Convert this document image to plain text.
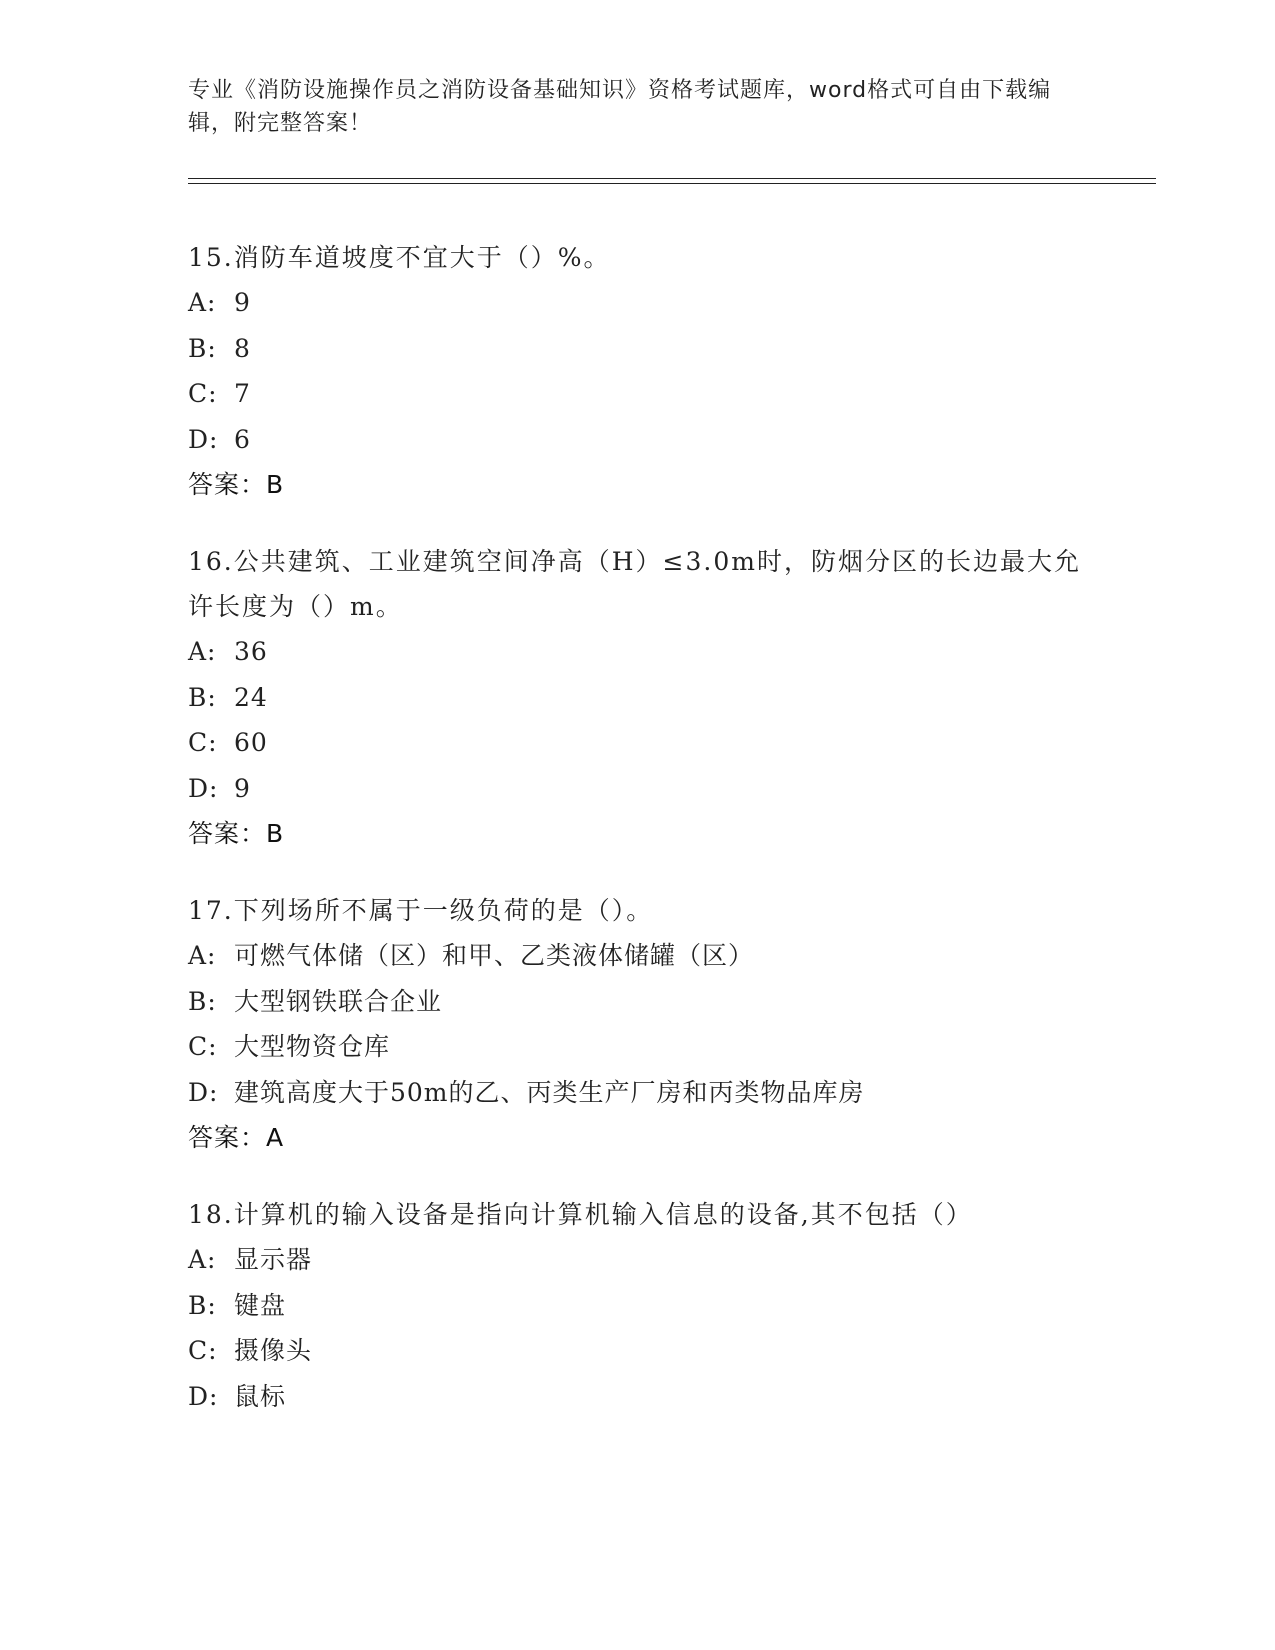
专业《消防设施操作员之消防设备基础知识》资格考试题库，word格式可自由下载编辑，附完整答案！
15.消防车道坡度不宜大于（）%。
A: 9
B: 8
C: 7
D: 6
答案：B
16.公共建筑、工业建筑空间净高（H）≤3.0m时，防烟分区的长边最大允许长度为（）m。
A: 36
B: 24
C: 60
D: 9
答案：B
17.下列场所不属于一级负荷的是（）。
A: 可燃气体储（区）和甲、乙类液体储罐（区）
B: 大型钢铁联合企业
C: 大型物资仓库
D: 建筑高度大于50m的乙、丙类生产厂房和丙类物品库房
答案：A
18.计算机的输入设备是指向计算机输入信息的设备,其不包括（）
A: 显示器
B: 键盘
C: 摄像头
D: 鼠标
